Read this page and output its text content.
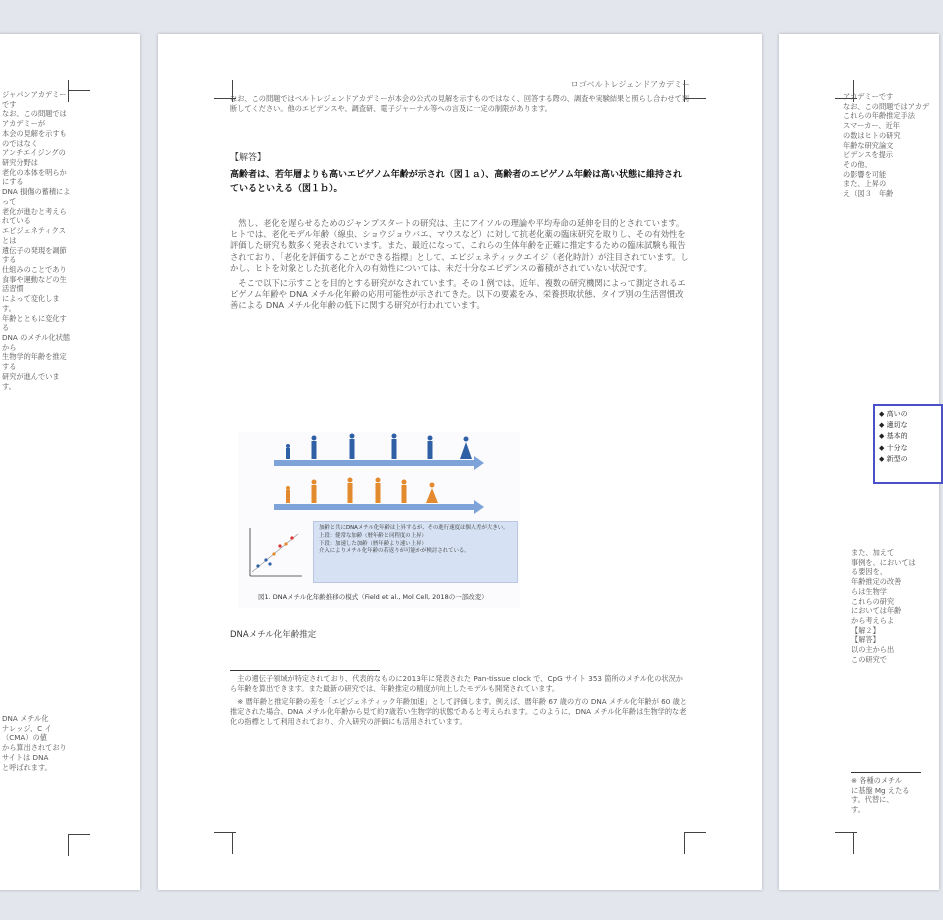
ジャパンアカデミーです
なお、この問題ではアカデミーが
本会の見解を示すものではなく
アンチエイジングの研究分野は
老化の本体を明らかにする
DNA 損傷の蓄積によって
老化が進むと考えられている
エピジェネティクスとは
遺伝子の発現を調節する
仕組みのことであり
食事や運動などの生活習慣
によって変化します。
年齢とともに変化する
DNA のメチル化状態から
生物学的年齢を推定する
研究が進んでいます。
DNA メチル化
ナレッジ、C イ
（CMA）の値
から算出されており
サイトは DNA
と呼ばれます。
ロゴベルトレジェンドアカデミー
なお、この問題ではベルトレジェンドアカデミーが本会の公式の見解を示すものではなく、回答する際の、調査や実験結果と照らし合わせて判断してください。他のエビデンスや、調査研、電子ジャーナル等への言及に一定の制限があります。
【解答】
高齢者は、若年層よりも高いエピゲノム年齢が示され（図１ａ）、高齢者のエピゲノム年齢は高い状態に維持されているといえる（図１ｂ）。

然し、老化を遅らせるためのジャンプスタートの研究は、主にアイソルの理論や平均寿命の延伸を目的とされています。ヒトでは、老化モデル年齢（線虫、ショウジョウバエ、マウスなど）に対して抗老化薬の臨床研究を取りし、その有効性を評価した研究も数多く発表されています。また、最近になって、これらの生体年齢を正確に推定するための臨床試験も報告されており、「老化を評価することができる指標」として、エピジェネティックエイジ（老化時計）が注目されています。しかし、ヒトを対象とした抗老化介入の有効性については、未だ十分なエビデンスの蓄積がされていない状況です。

そこで以下に示すことを目的とする研究がなされています。その１例では、近年、複数の研究機関によって測定されるエピゲノム年齢や DNA メチル化年齢の応用可能性が示されてきた。以下の要素をみ、栄養摂取状態、タイプ別の生活習慣改善による DNA メチル化年齢の低下に関する研究が行われています。

加齢と共にDNAメチル化年齢は上昇するが、その進行速度は個人差が大きい。
上段：健常な加齢（暦年齢と同程度の上昇）
下段：加速した加齢（暦年齢より速い上昇）
介入によりメチル化年齢の若返りが可能かが検討されている。
図1. DNAメチル化年齢推移の模式（Field et al., Mol Cell, 2018の一部改変）
DNAメチル化年齢推定

主の遺伝子領域が特定されており、代表的なものに2013年に発表された Pan-tissue clock で、CpG サイト 353 箇所のメチル化の状況から年齢を算出できます。また最新の研究では、年齢推定の精度が向上したモデルも開発されています。

※ 暦年齢と推定年齢の差を「エピジェネティック年齢加速」として評価します。例えば、暦年齢 67 歳の方の DNA メチル化年齢が 60 歳と推定された場合、DNA メチル化年齢から見て約7歳若い生物学的状態であると考えられます。このように、DNA メチル化年齢は生物学的な老化の指標として利用されており、介入研究の評価にも活用されています。

アカデミーです
なお、この問題ではアカデ
これらの年齢推定手法
スマーカー、近年
の数はヒトの研究
年齢な研究論文
ビデンスを提示
その他、
の影響を可能
また、上昇の
え（図３　年齢
◆ 高いの
◆ 適切な
◆ 基本的
◆ 十分な
◆ 新型の
また、加えて
事例を、においては
る要因を、
年齢推定の改善
らは生物学
これらの研究
においては年齢
から考えらよ
【解２】
【解答】
以の主から出
この研究で
※ 各種のメチル
に基盤 Mg えたる
す。代替に、
す。
